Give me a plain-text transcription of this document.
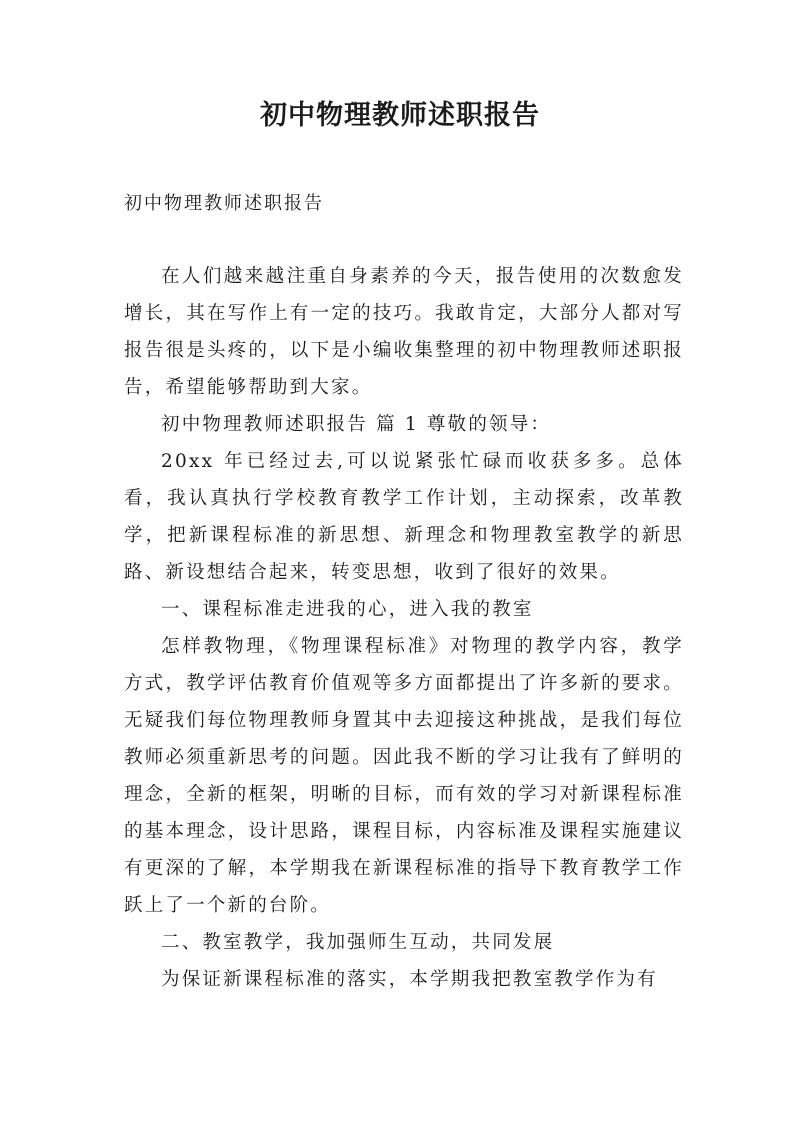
初中物理教师述职报告
初中物理教师述职报告

在人们越来越注重自身素养的今天，报告使用的次数愈发增长，其在写作上有一定的技巧。我敢肯定，大部分人都对写报告很是头疼的，以下是小编收集整理的初中物理教师述职报告，希望能够帮助到大家。

初中物理教师述职报告 篇 1 尊敬的领导：

20xx 年已经过去,可以说紧张忙碌而收获多多。总体看，我认真执行学校教育教学工作计划，主动探索，改革教学，把新课程标准的新思想、新理念和物理教室教学的新思路、新设想结合起来，转变思想，收到了很好的效果。

一、课程标准走进我的心，进入我的教室

怎样教物理，《物理课程标准》对物理的教学内容，教学方式，教学评估教育价值观等多方面都提出了许多新的要求。无疑我们每位物理教师身置其中去迎接这种挑战，是我们每位教师必须重新思考的问题。因此我不断的学习让我有了鲜明的理念，全新的框架，明晰的目标，而有效的学习对新课程标准的基本理念，设计思路，课程目标，内容标准及课程实施建议有更深的了解，本学期我在新课程标准的指导下教育教学工作跃上了一个新的台阶。

二、教室教学，我加强师生互动，共同发展

为保证新课程标准的落实，本学期我把教室教学作为有
